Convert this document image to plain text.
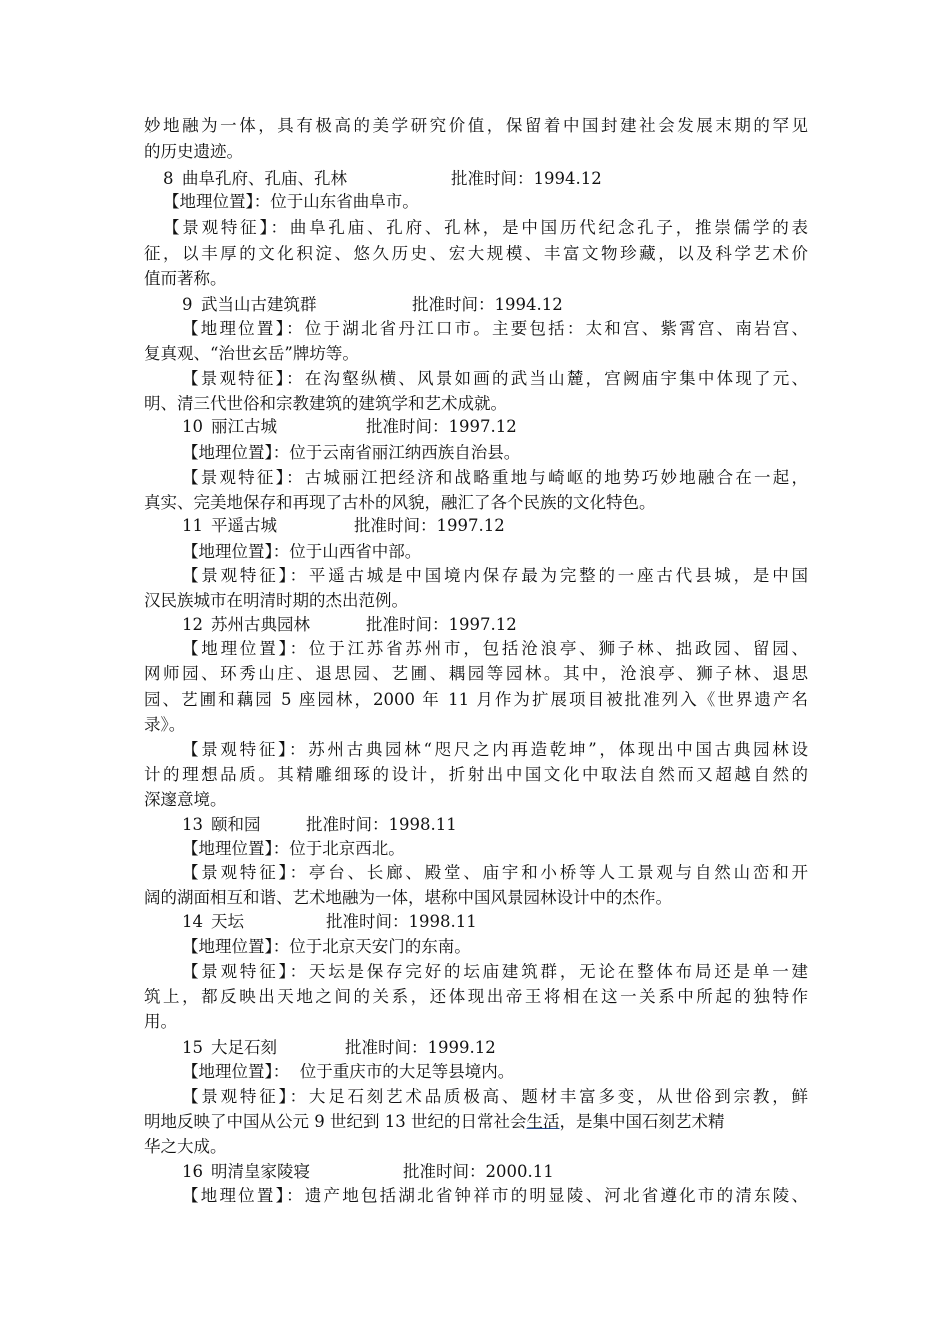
妙地融为一体，具有极高的美学研究价值，保留着中国封建社会发展末期的罕见
的历史遗迹。
8 曲阜孔府、孔庙、孔林	批准时间：1994.12
【地理位置】：位于山东省曲阜市。
【景观特征】：曲阜孔庙、孔府、孔林，是中国历代纪念孔子，推崇儒学的表
征，以丰厚的文化积淀、悠久历史、宏大规模、丰富文物珍藏，以及科学艺术价
值而著称。
9 武当山古建筑群	批准时间：1994.12
【地理位置】：位于湖北省丹江口市。主要包括：太和宫、紫霄宫、南岩宫、
复真观、“治世玄岳”牌坊等。
【景观特征】：在沟壑纵横、风景如画的武当山麓，宫阙庙宇集中体现了元、
明、清三代世俗和宗教建筑的建筑学和艺术成就。
10 丽江古城	批准时间：1997.12
【地理位置】：位于云南省丽江纳西族自治县。
【景观特征】：古城丽江把经济和战略重地与崎岖的地势巧妙地融合在一起，
真实、完美地保存和再现了古朴的风貌，融汇了各个民族的文化特色。
11 平遥古城	批准时间：1997.12
【地理位置】：位于山西省中部。
【景观特征】：平遥古城是中国境内保存最为完整的一座古代县城，是中国
汉民族城市在明清时期的杰出范例。
12 苏州古典园林	批准时间：1997.12
【地理位置】：位于江苏省苏州市，包括沧浪亭、狮子林、拙政园、留园、
网师园、环秀山庄、退思园、艺圃、耦园等园林。其中，沧浪亭、狮子林、退思
园、艺圃和藕园 5 座园林，2000 年 11 月作为扩展项目被批准列入《世界遗产名
录》。
【景观特征】：苏州古典园林“咫尺之内再造乾坤”，体现出中国古典园林设
计的理想品质。其精雕细琢的设计，折射出中国文化中取法自然而又超越自然的
深邃意境。
13 颐和园	批准时间：1998.11
【地理位置】：位于北京西北。
【景观特征】：亭台、长廊、殿堂、庙宇和小桥等人工景观与自然山峦和开
阔的湖面相互和谐、艺术地融为一体，堪称中国风景园林设计中的杰作。
14 天坛	批准时间：1998.11
【地理位置】：位于北京天安门的东南。
【景观特征】：天坛是保存完好的坛庙建筑群，无论在整体布局还是单一建
筑上，都反映出天地之间的关系，还体现出帝王将相在这一关系中所起的独特作
用。
15 大足石刻	批准时间：1999.12
【地理位置】：  位于重庆市的大足等县境内。
【景观特征】：大足石刻艺术品质极高、题材丰富多变，从世俗到宗教，鲜
明地反映了中国从公元 9 世纪到 13 世纪的日常社会生活，是集中国石刻艺术精
华之大成。
16 明清皇家陵寝	批准时间：2000.11
【地理位置】：遗产地包括湖北省钟祥市的明显陵、河北省遵化市的清东陵、
